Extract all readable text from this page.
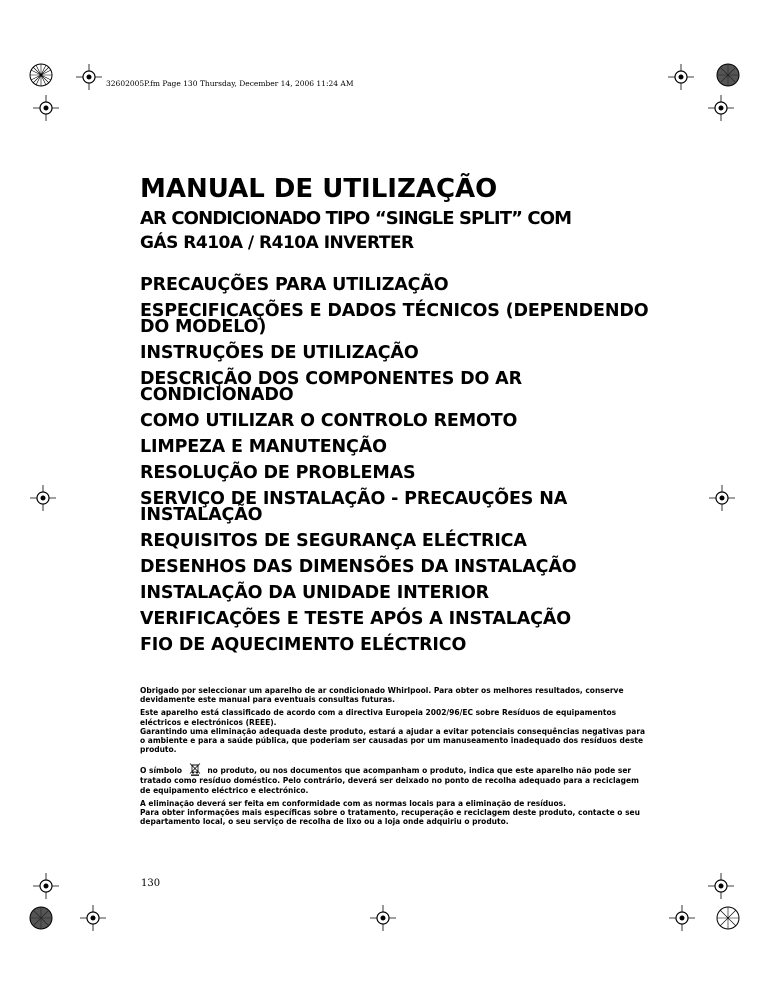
32602005P.fm Page 130 Thursday, December 14, 2006 11:24 AM
MANUAL DE UTILIZAÇÃO
AR CONDICIONADO TIPO “SINGLE SPLIT” COM
GÁS R410A / R410A INVERTER
PRECAUÇÕES PARA UTILIZAÇÃO
ESPECIFICAÇÕES E DADOS TÉCNICOS (DEPENDENDO DO MODELO)
INSTRUÇÕES DE UTILIZAÇÃO
DESCRIÇÃO DOS COMPONENTES DO AR CONDICIONADO
COMO UTILIZAR O CONTROLO REMOTO
LIMPEZA E MANUTENÇÃO
RESOLUÇÃO DE PROBLEMAS
SERVIÇO DE INSTALAÇÃO - PRECAUÇÕES NA INSTALAÇÃO
REQUISITOS DE SEGURANÇA ELÉCTRICA
DESENHOS DAS DIMENSÕES DA INSTALAÇÃO
INSTALAÇÃO DA UNIDADE INTERIOR
VERIFICAÇÕES E TESTE APÓS A INSTALAÇÃO
FIO DE AQUECIMENTO ELÉCTRICO

Obrigado por seleccionar um aparelho de ar condicionado Whirlpool. Para obter os melhores resultados, conserve devidamente este manual para eventuais consultas futuras.

Este aparelho está classificado de acordo com a directiva Europeia 2002/96/EC sobre Resíduos de equipamentos eléctricos e electrónicos (REEE).

Garantindo uma eliminação adequada deste produto, estará a ajudar a evitar potenciais consequências negativas para o ambiente e para a saúde pública, que poderiam ser causadas por um manuseamento inadequado dos resíduos deste produto.

O símbolo	no produto, ou nos documentos que acompanham o produto, indica que este aparelho não pode ser tratado como resíduo doméstico. Pelo contrário, deverá ser deixado no ponto de recolha adequado para a reciclagem de equipamento eléctrico e electrónico.

A eliminação deverá ser feita em conformidade com as normas locais para a eliminação de resíduos.

Para obter informações mais específicas sobre o tratamento, recuperação e reciclagem deste produto, contacte o seu departamento local, o seu serviço de recolha de lixo ou a loja onde adquiriu o produto.

130
